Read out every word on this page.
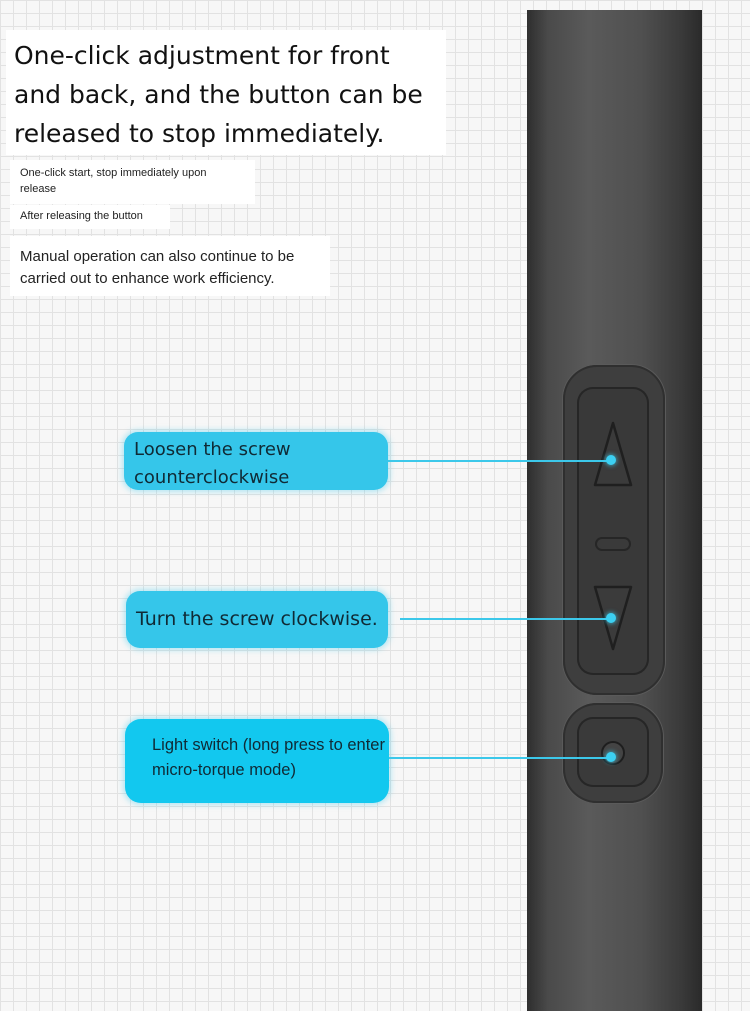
One-click adjustment for front and back, and the button can be released to stop immediately.
One-click start, stop immediately upon release
After releasing the button
Manual operation can also continue to be carried out to enhance work efficiency.
Loosen the screw counterclockwise
Turn the screw clockwise.
Light switch (long press to enter micro-torque mode)
